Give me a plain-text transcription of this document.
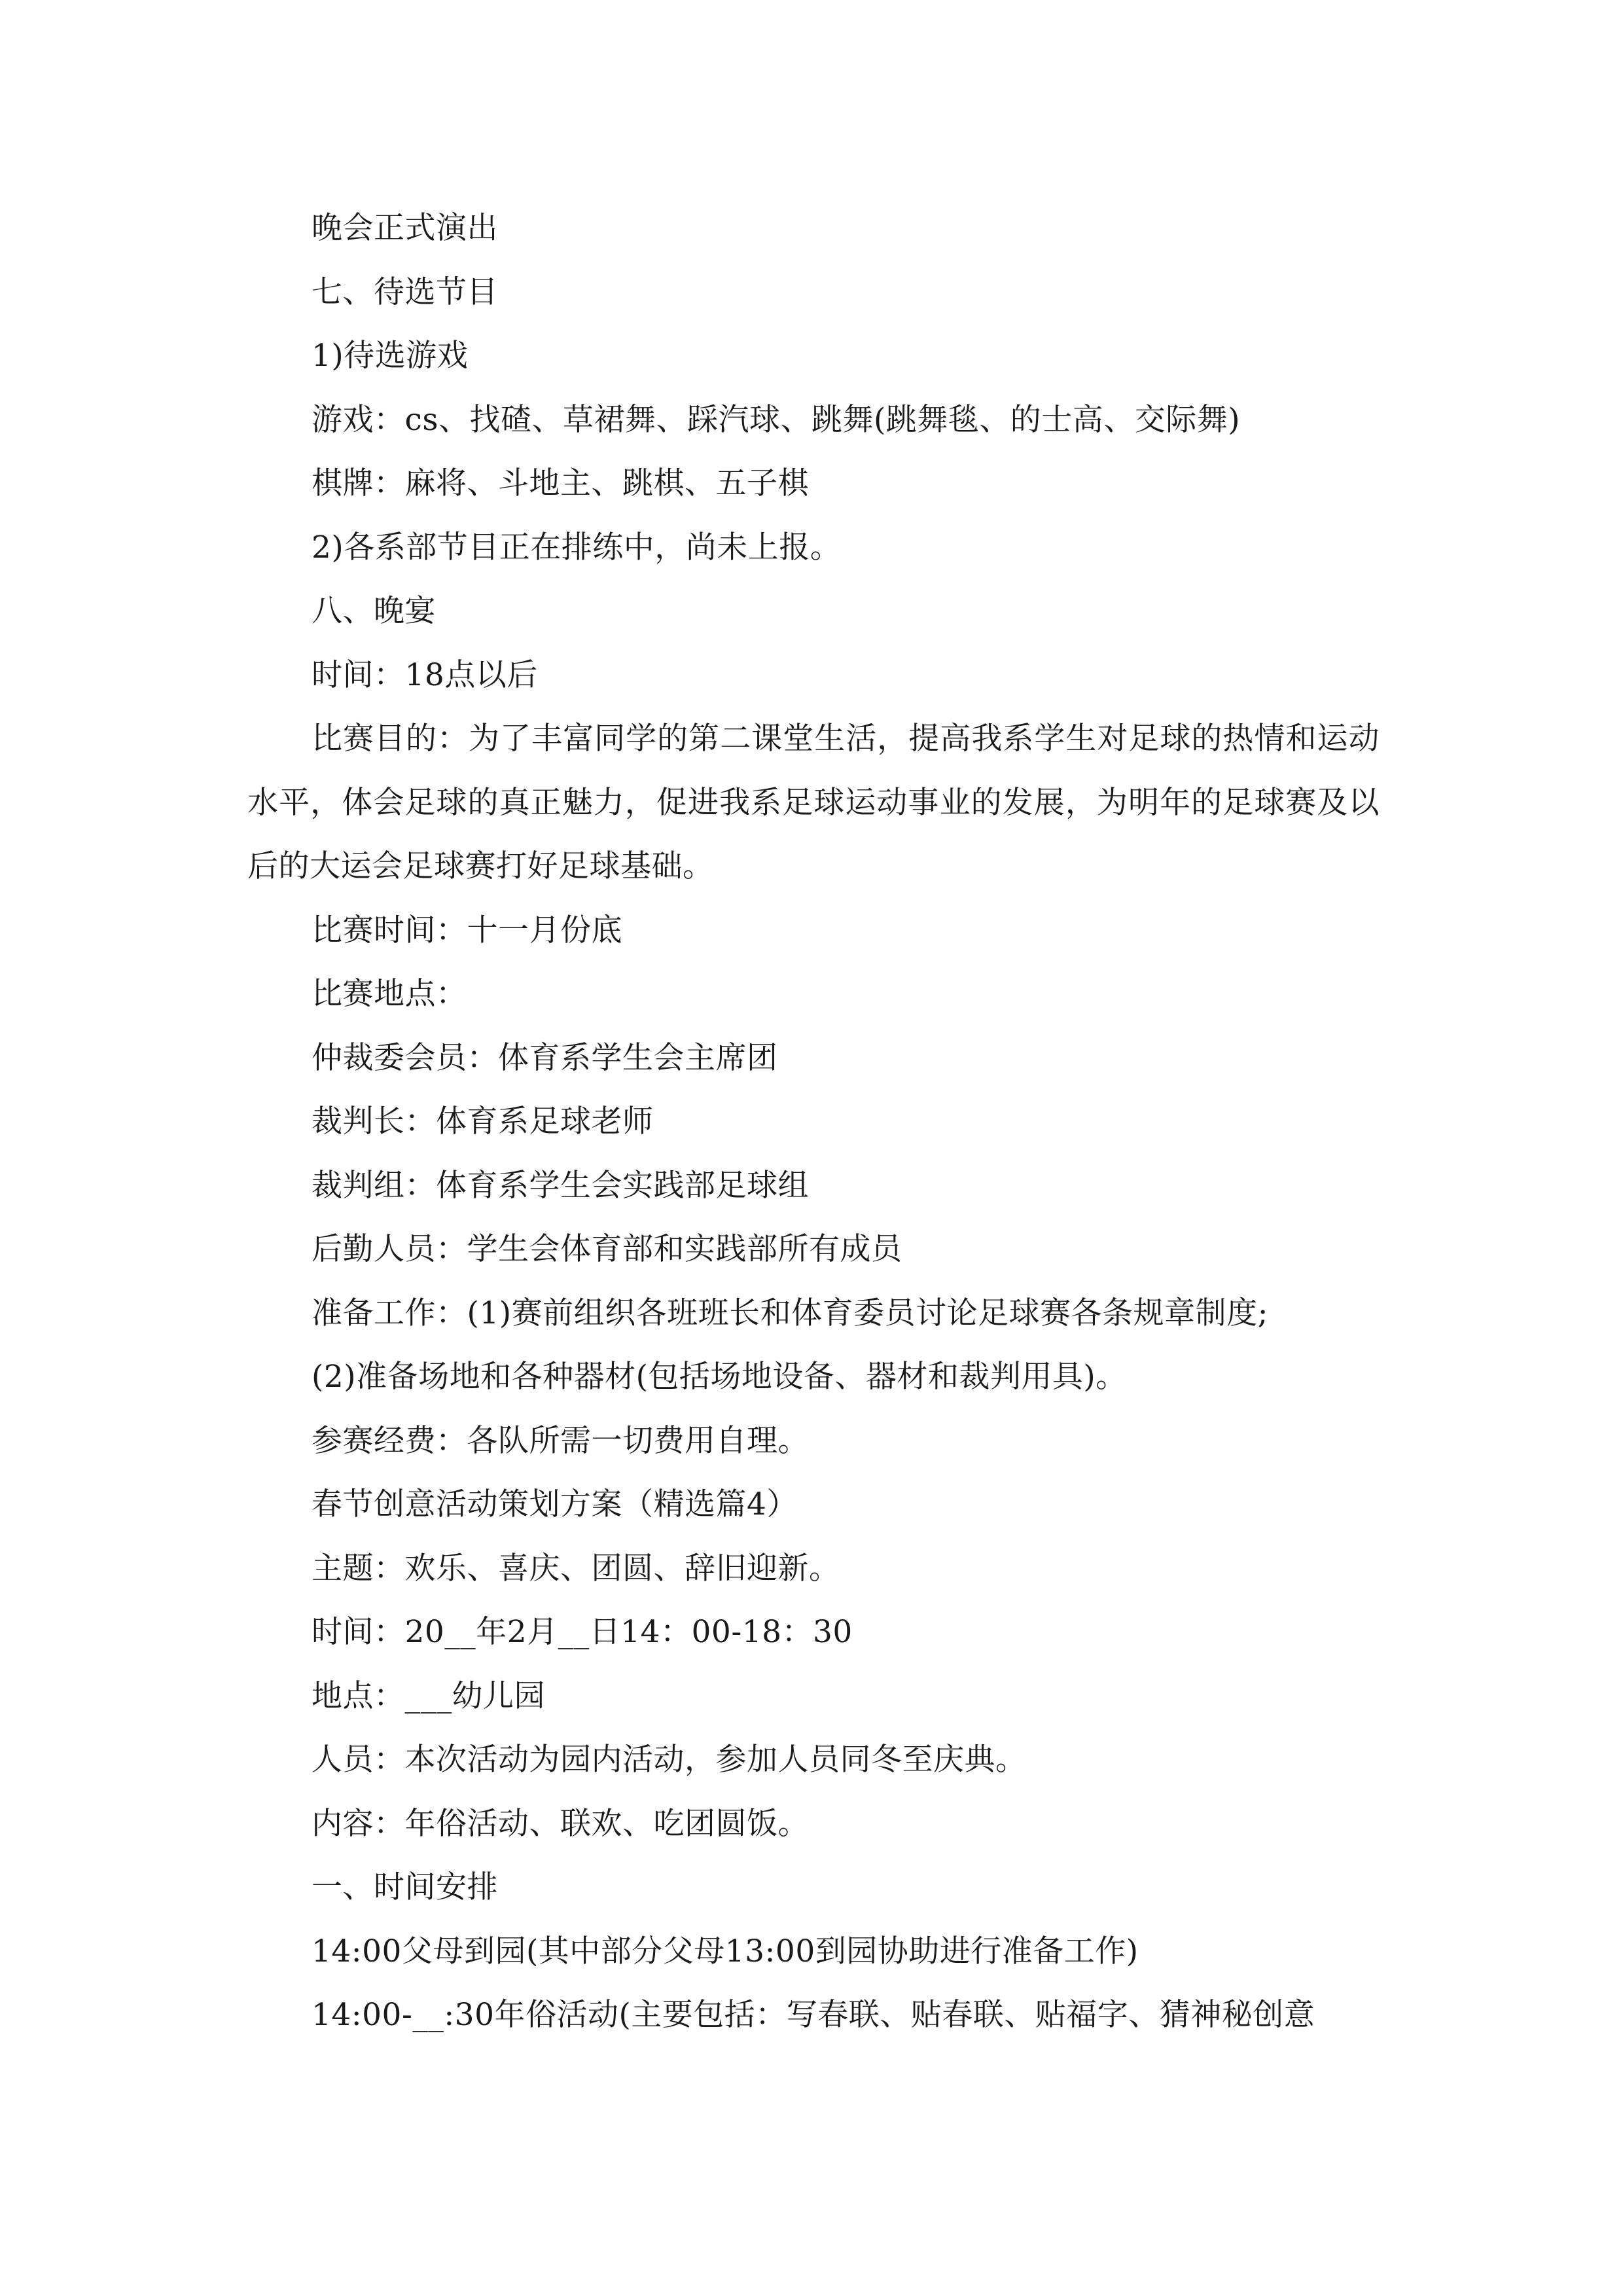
晚会正式演出

七、待选节目

1)待选游戏

游戏：cs、找碴、草裙舞、踩汽球、跳舞(跳舞毯、的士高、交际舞)

棋牌：麻将、斗地主、跳棋、五子棋

2)各系部节目正在排练中，尚未上报。

八、晚宴

时间：18点以后

比赛目的：为了丰富同学的第二课堂生活，提高我系学生对足球的热情和运动水平，体会足球的真正魅力，促进我系足球运动事业的发展，为明年的足球赛及以后的大运会足球赛打好足球基础。

比赛时间：十一月份底

比赛地点：

仲裁委会员：体育系学生会主席团

裁判长：体育系足球老师

裁判组：体育系学生会实践部足球组

后勤人员：学生会体育部和实践部所有成员

准备工作：(1)赛前组织各班班长和体育委员讨论足球赛各条规章制度;

(2)准备场地和各种器材(包括场地设备、器材和裁判用具)。

参赛经费：各队所需一切费用自理。

春节创意活动策划方案（精选篇4）

主题：欢乐、喜庆、团圆、辞旧迎新。

时间：20__年2月__日14：00-18：30

地点：___幼儿园

人员：本次活动为园内活动，参加人员同冬至庆典。

内容：年俗活动、联欢、吃团圆饭。

一、时间安排

14:00父母到园(其中部分父母13:00到园协助进行准备工作)

14:00-__:30年俗活动(主要包括：写春联、贴春联、贴福字、猜神秘创意
